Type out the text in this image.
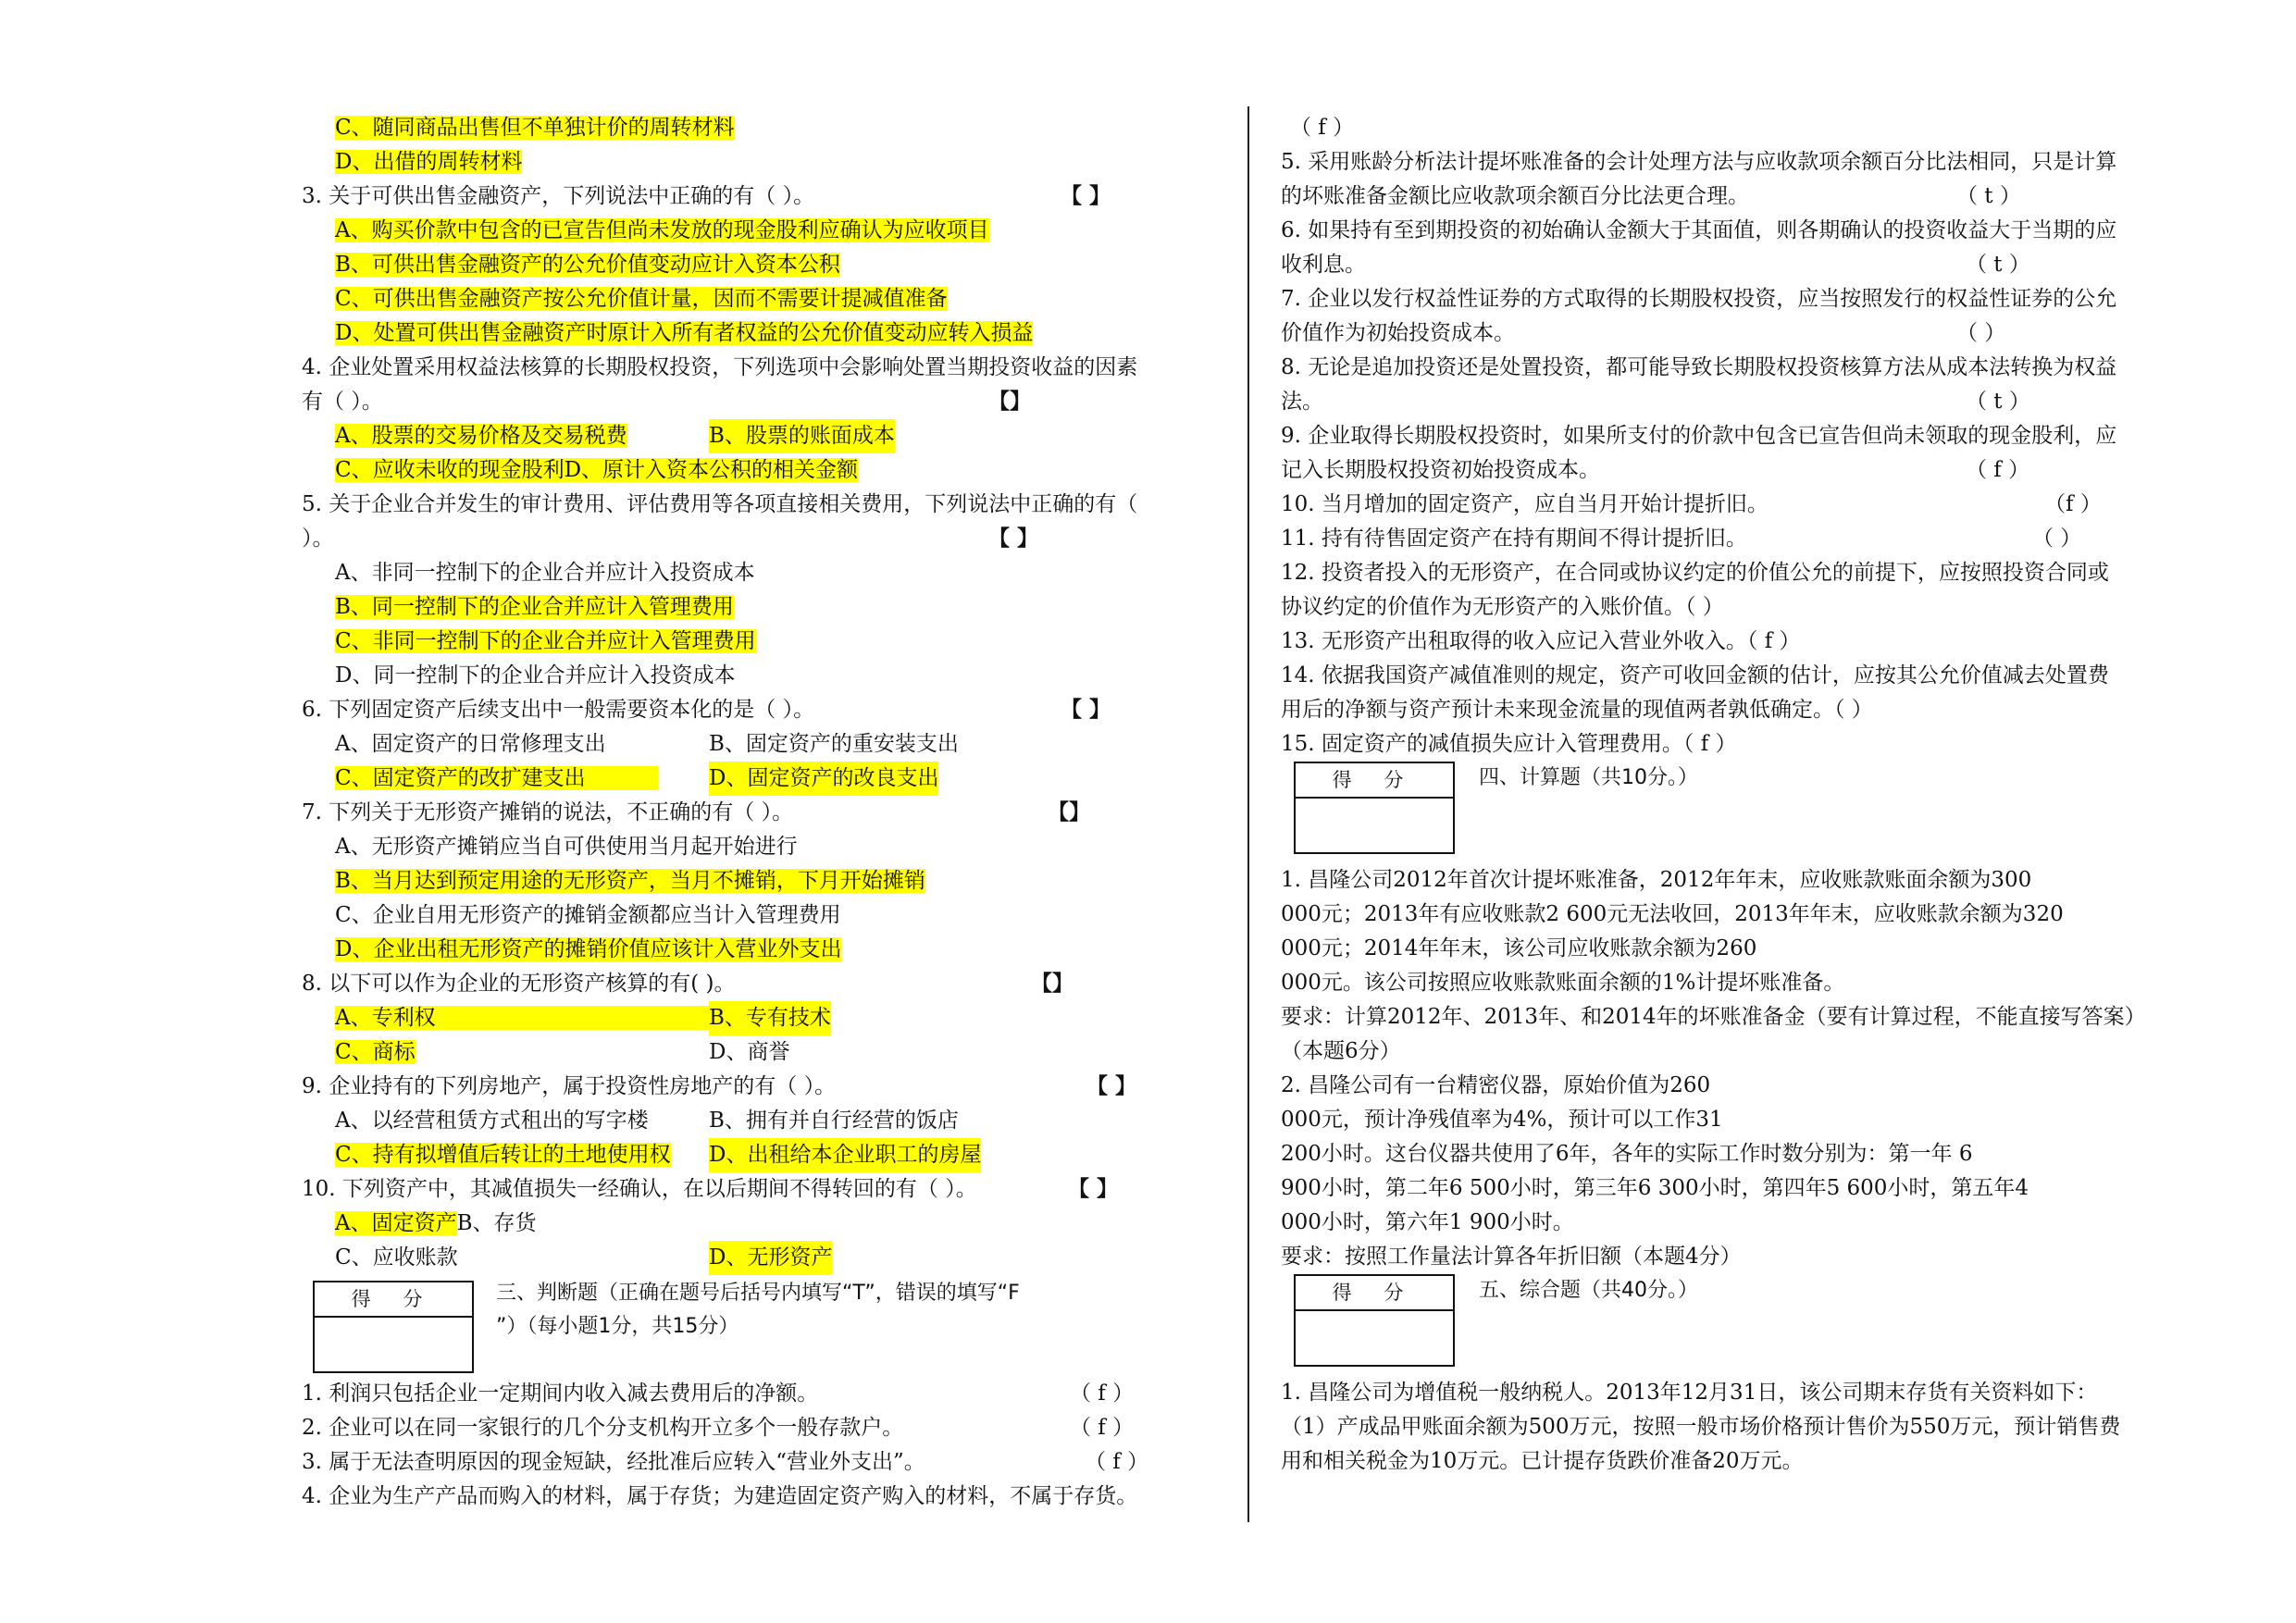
C、随同商品出售但不单独计价的周转材料
D、出借的周转材料
3. 关于可供出售金融资产，下列说法中正确的有（ ）。	【 】
A、购买价款中包含的已宣告但尚未发放的现金股利应确认为应收项目
B、可供出售金融资产的公允价值变动应计入资本公积
C、可供出售金融资产按公允价值计量，因而不需要计提减值准备
D、处置可供出售金融资产时原计入所有者权益的公允价值变动应转入损益
4. 企业处置采用权益法核算的长期股权投资，下列选项中会影响处置当期投资收益的因素
有（ ）。	【】
A、股票的交易价格及交易税费	B、股票的账面成本
C、应收未收的现金股利D、原计入资本公积的相关金额
5. 关于企业合并发生的审计费用、评估费用等各项直接相关费用，下列说法中正确的有（
）。	【 】
A、非同一控制下的企业合并应计入投资成本
B、同一控制下的企业合并应计入管理费用
C、非同一控制下的企业合并应计入管理费用
D、同一控制下的企业合并应计入投资成本
6. 下列固定资产后续支出中一般需要资本化的是（ ）。	【 】
A、固定资产的日常修理支出	B、固定资产的重安装支出
C、固定资产的改扩建支出	D、固定资产的改良支出
7. 下列关于无形资产摊销的说法，不正确的有（ ）。	【】
A、无形资产摊销应当自可供使用当月起开始进行
B、当月达到预定用途的无形资产，当月不摊销，下月开始摊销
C、企业自用无形资产的摊销金额都应当计入管理费用
D、企业出租无形资产的摊销价值应该计入营业外支出
8. 以下可以作为企业的无形资产核算的有( )。	【】
A、专利权	B、专有技术
C、商标	D、商誉
9. 企业持有的下列房地产，属于投资性房地产的有（ ）。	【 】
A、以经营租赁方式租出的写字楼	B、拥有并自行经营的饭店
C、持有拟增值后转让的土地使用权 D、出租给本企业职工的房屋
10. 下列资产中，其减值损失一经确认，在以后期间不得转回的有（ ）。	【 】
A、固定资产B、存货
C、应收账款	D、无形资产
得 分	三、判断题（正确在题号后括号内填写“T”，错误的填写“F
”）（每小题1分，共15分）
1. 利润只包括企业一定期间内收入减去费用后的净额。	（ f ）
2. 企业可以在同一家银行的几个分支机构开立多个一般存款户。	（ f ）
3. 属于无法查明原因的现金短缺，经批准后应转入“营业外支出”。	（ f ）
4. 企业为生产产品而购入的材料，属于存货；为建造固定资产购入的材料，不属于存货。
（ f ）
5. 采用账龄分析法计提坏账准备的会计处理方法与应收款项余额百分比法相同，只是计算
的坏账准备金额比应收款项余额百分比法更合理。	（ t ）
6. 如果持有至到期投资的初始确认金额大于其面值，则各期确认的投资收益大于当期的应
收利息。	（ t ）
7. 企业以发行权益性证券的方式取得的长期股权投资，应当按照发行的权益性证券的公允
价值作为初始投资成本。	（ ）
8. 无论是追加投资还是处置投资，都可能导致长期股权投资核算方法从成本法转换为权益
法。	（ t ）
9. 企业取得长期股权投资时，如果所支付的价款中包含已宣告但尚未领取的现金股利，应
记入长期股权投资初始投资成本。	（ f ）
10. 当月增加的固定资产，应自当月开始计提折旧。	（f ）
11. 持有待售固定资产在持有期间不得计提折旧。	（ ）
12. 投资者投入的无形资产，在合同或协议约定的价值公允的前提下，应按照投资合同或
协议约定的价值作为无形资产的入账价值。（ ）
13. 无形资产出租取得的收入应记入营业外收入。（ f ）
14. 依据我国资产减值准则的规定，资产可收回金额的估计，应按其公允价值减去处置费
用后的净额与资产预计未来现金流量的现值两者孰低确定。（ ）
15. 固定资产的减值损失应计入管理费用。（ f ）
得 分	四、计算题（共10分。）
1. 昌隆公司2012年首次计提坏账准备，2012年年末，应收账款账面余额为300
000元；2013年有应收账款2 600元无法收回，2013年年末，应收账款余额为320
000元；2014年年末，该公司应收账款余额为260
000元。该公司按照应收账款账面余额的1%计提坏账准备。
要求：计算2012年、2013年、和2014年的坏账准备金（要有计算过程，不能直接写答案）
（本题6分）
2. 昌隆公司有一台精密仪器，原始价值为260
000元，预计净残值率为4%，预计可以工作31
200小时。这台仪器共使用了6年，各年的实际工作时数分别为：第一年 6
900小时，第二年6 500小时，第三年6 300小时，第四年5 600小时，第五年4
000小时，第六年1 900小时。
要求：按照工作量法计算各年折旧额（本题4分）
得 分	五、综合题（共40分。）
1. 昌隆公司为增值税一般纳税人。2013年12月31日，该公司期末存货有关资料如下：
（1）产成品甲账面余额为500万元，按照一般市场价格预计售价为550万元，预计销售费
用和相关税金为10万元。已计提存货跌价准备20万元。
